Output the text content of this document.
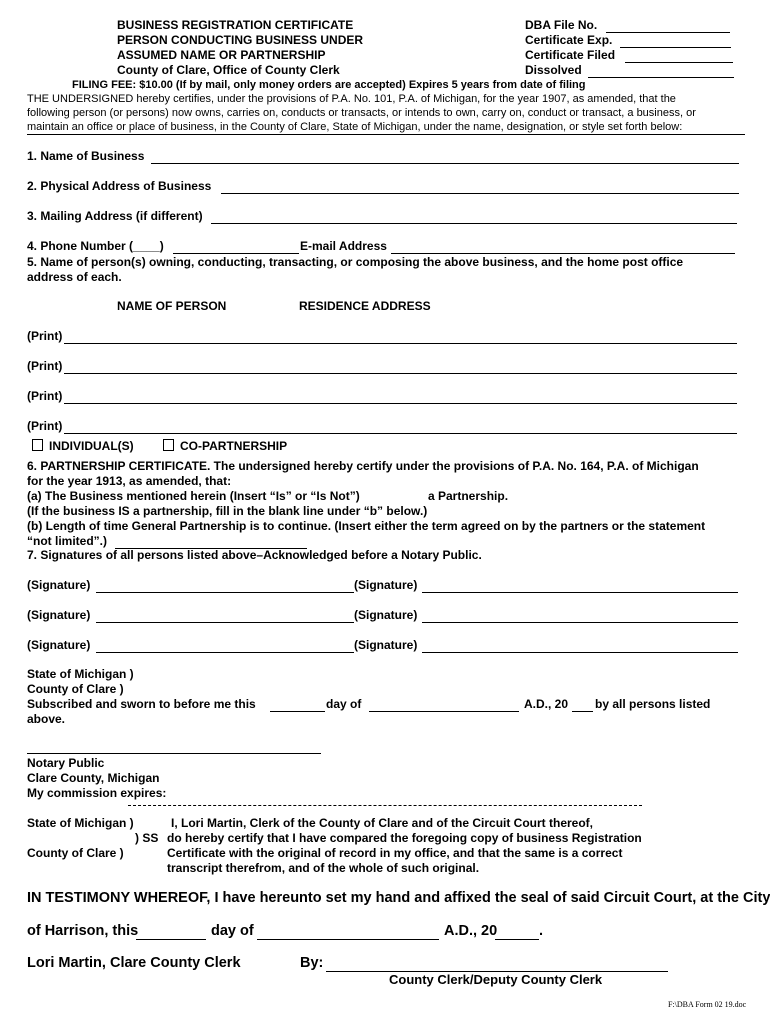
BUSINESS REGISTRATION CERTIFICATE
PERSON CONDUCTING BUSINESS UNDER
ASSUMED NAME OR PARTNERSHIP
County of Clare, Office of County Clerk
DBA File No.
Certificate Exp.
Certificate Filed
Dissolved
FILING FEE: $10.00 (If by mail, only money orders are accepted) Expires 5 years from date of filing
THE UNDERSIGNED hereby certifies, under the provisions of P.A. No. 101, P.A. of Michigan, for the year 1907, as amended, that the
following person (or persons) now owns, carries on, conducts or transacts, or intends to own, carry on, conduct or transact, a business, or
maintain an office or place of business, in the County of Clare, State of Michigan, under the name, designation, or style set forth below:
1. Name of Business
2. Physical Address of Business
3. Mailing Address (if different)
4. Phone Number (____)	E-mail Address
5. Name of person(s) owning, conducting, transacting, or composing the above business, and the home post office
address of each.
NAME OF PERSON	RESIDENCE ADDRESS
(Print)
(Print)
(Print)
(Print)
INDIVIDUAL(S)	CO-PARTNERSHIP
6. PARTNERSHIP CERTIFICATE. The undersigned hereby certify under the provisions of P.A. No. 164, P.A. of Michigan
for the year 1913, as amended, that:
(a) The Business mentioned herein (Insert “Is” or “Is Not”)	a Partnership.
(If the business IS a partnership, fill in the blank line under “b” below.)
(b) Length of time General Partnership is to continue. (Insert either the term agreed on by the partners or the statement
“not limited”.)
7. Signatures of all persons listed above–Acknowledged before a Notary Public.
(Signature)	(Signature)
(Signature)	(Signature)
(Signature)	(Signature)
State of Michigan )
County of Clare )
Subscribed and sworn to before me this	day of	A.D., 20 by all persons listed
above.
Notary Public
Clare County, Michigan
My commission expires:
State of Michigan )
) SS
County of Clare )
I, Lori Martin, Clerk of the County of Clare and of the Circuit Court thereof,
do hereby certify that I have compared the foregoing copy of business Registration
Certificate with the original of record in my office, and that the same is a correct
transcript therefrom, and of the whole of such original.
IN TESTIMONY WHEREOF, I have hereunto set my hand and affixed the seal of said Circuit Court, at the City
of Harrison, this	day of	A.D., 20	.
Lori Martin, Clare County Clerk	By:
County Clerk/Deputy County Clerk
F:\DBA Form 02 19.doc
